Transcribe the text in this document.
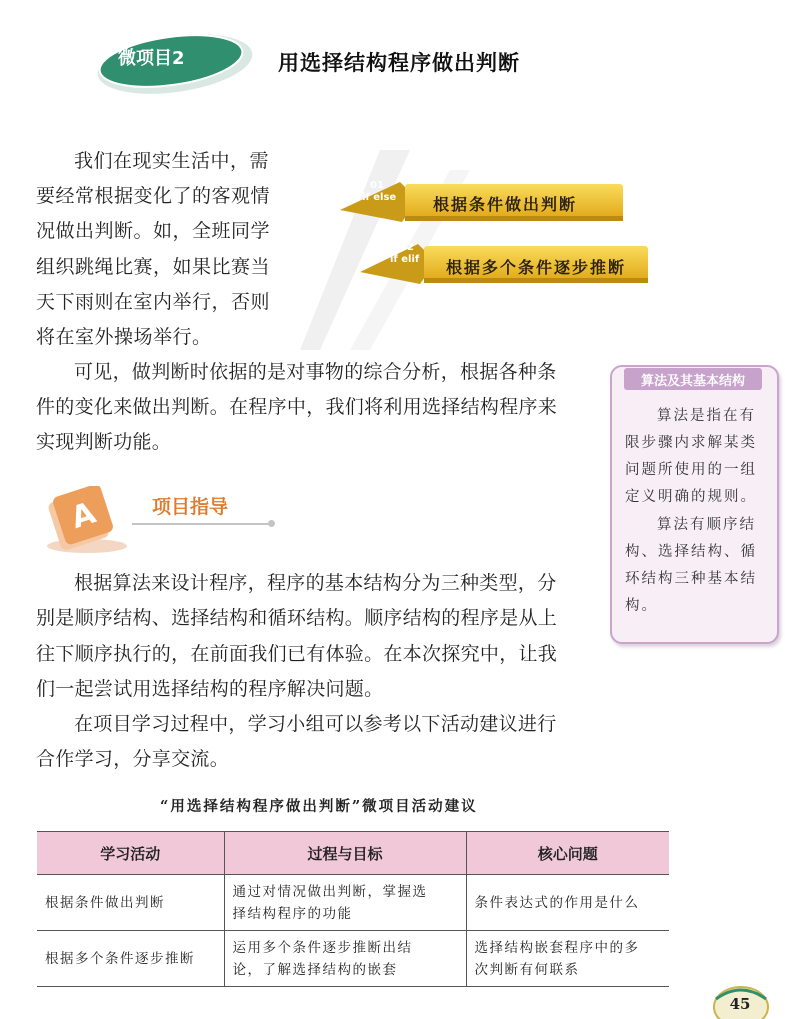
微项目2	用选择结构程序做出判断
我们在现实生活中，需
要经常根据变化了的客观情
况做出判断。如，全班同学
组织跳绳比赛，如果比赛当
天下雨则在室内举行，否则
将在室外操场举行。
01
if else 根据条件做出判断
02
if elif 根据多个条件逐步推断
可见，做判断时依据的是对事物的综合分析，根据各种条
件的变化来做出判断。在程序中，我们将利用选择结构程序来
实现判断功能。
算法及其基本结构
算法是指在有
限步骤内求解某类
问题所使用的一组
定义明确的规则。
算法有顺序结
构、选择结构、循
环结构三种基本结
构。
A	项目指导
根据算法来设计程序，程序的基本结构分为三种类型，分
别是顺序结构、选择结构和循环结构。顺序结构的程序是从上
往下顺序执行的，在前面我们已有体验。在本次探究中，让我
们一起尝试用选择结构的程序解决问题。
在项目学习过程中，学习小组可以参考以下活动建议进行
合作学习，分享交流。
“用选择结构程序做出判断”微项目活动建议
学习活动	过程与目标	核心问题
根据条件做出判断	通过对情况做出判断，掌握选
择结构程序的功能	条件表达式的作用是什么
根据多个条件逐步推断	运用多个条件逐步推断出结
论，了解选择结构的嵌套	选择结构嵌套程序中的多
次判断有何联系
45
